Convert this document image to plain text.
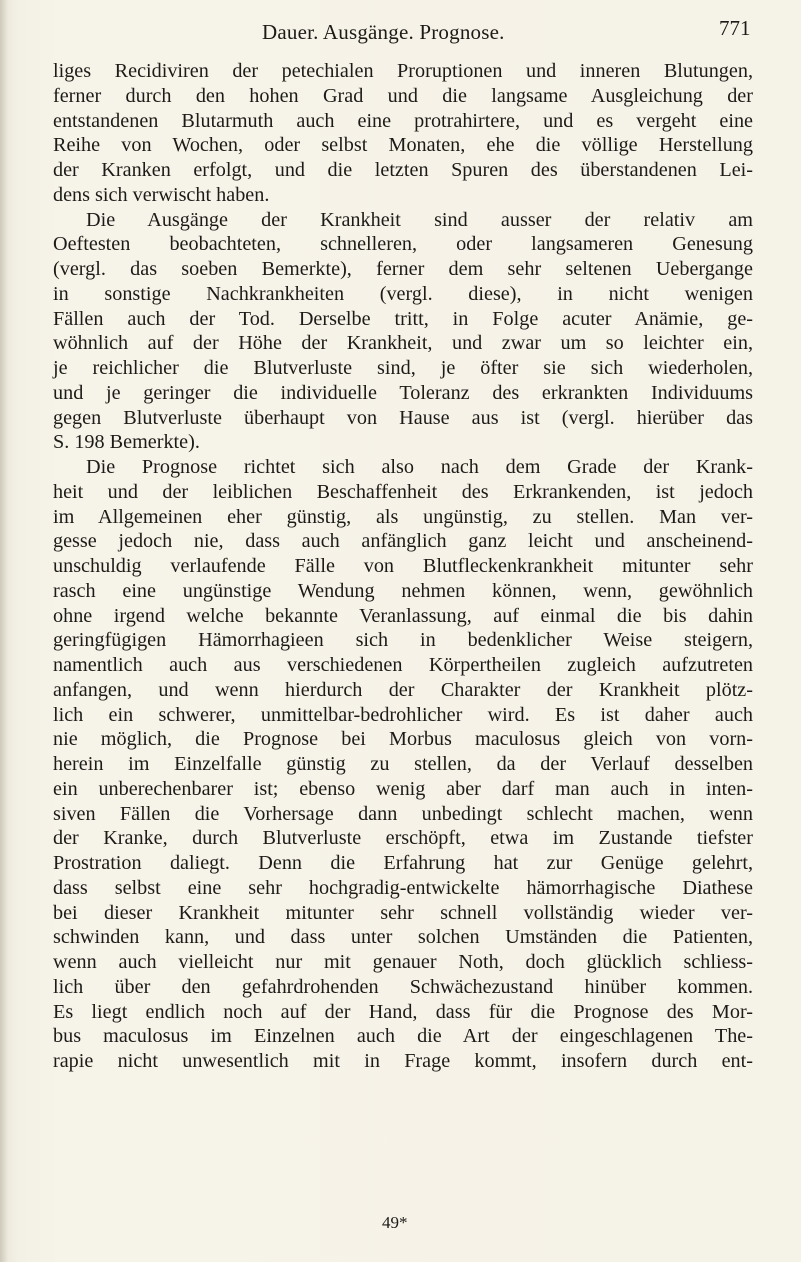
Dauer. Ausgänge. Prognose.	771
liges Recidiviren der petechialen Proruptionen und inneren Blutungen,
ferner durch den hohen Grad und die langsame Ausgleichung der
entstandenen Blutarmuth auch eine protrahirtere, und es vergeht eine
Reihe von Wochen, oder selbst Monaten, ehe die völlige Herstellung
der Kranken erfolgt, und die letzten Spuren des überstandenen Lei-
dens sich verwischt haben.
Die Ausgänge der Krankheit sind ausser der relativ am
Oeftesten beobachteten, schnelleren, oder langsameren Genesung
(vergl. das soeben Bemerkte), ferner dem sehr seltenen Uebergange
in sonstige Nachkrankheiten (vergl. diese), in nicht wenigen
Fällen auch der Tod. Derselbe tritt, in Folge acuter Anämie, ge-
wöhnlich auf der Höhe der Krankheit, und zwar um so leichter ein,
je reichlicher die Blutverluste sind, je öfter sie sich wiederholen,
und je geringer die individuelle Toleranz des erkrankten Individuums
gegen Blutverluste überhaupt von Hause aus ist (vergl. hierüber das
S. 198 Bemerkte).
Die Prognose richtet sich also nach dem Grade der Krank-
heit und der leiblichen Beschaffenheit des Erkrankenden, ist jedoch
im Allgemeinen eher günstig, als ungünstig, zu stellen. Man ver-
gesse jedoch nie, dass auch anfänglich ganz leicht und anscheinend-
unschuldig verlaufende Fälle von Blutfleckenkrankheit mitunter sehr
rasch eine ungünstige Wendung nehmen können, wenn, gewöhnlich
ohne irgend welche bekannte Veranlassung, auf einmal die bis dahin
geringfügigen Hämorrhagieen sich in bedenklicher Weise steigern,
namentlich auch aus verschiedenen Körpertheilen zugleich aufzutreten
anfangen, und wenn hierdurch der Charakter der Krankheit plötz-
lich ein schwerer, unmittelbar-bedrohlicher wird. Es ist daher auch
nie möglich, die Prognose bei Morbus maculosus gleich von vorn-
herein im Einzelfalle günstig zu stellen, da der Verlauf desselben
ein unberechenbarer ist; ebenso wenig aber darf man auch in inten-
siven Fällen die Vorhersage dann unbedingt schlecht machen, wenn
der Kranke, durch Blutverluste erschöpft, etwa im Zustande tiefster
Prostration daliegt. Denn die Erfahrung hat zur Genüge gelehrt,
dass selbst eine sehr hochgradig-entwickelte hämorrhagische Diathese
bei dieser Krankheit mitunter sehr schnell vollständig wieder ver-
schwinden kann, und dass unter solchen Umständen die Patienten,
wenn auch vielleicht nur mit genauer Noth, doch glücklich schliess-
lich über den gefahrdrohenden Schwächezustand hinüber kommen.
Es liegt endlich noch auf der Hand, dass für die Prognose des Mor-
bus maculosus im Einzelnen auch die Art der eingeschlagenen The-
rapie nicht unwesentlich mit in Frage kommt, insofern durch ent-
49*
